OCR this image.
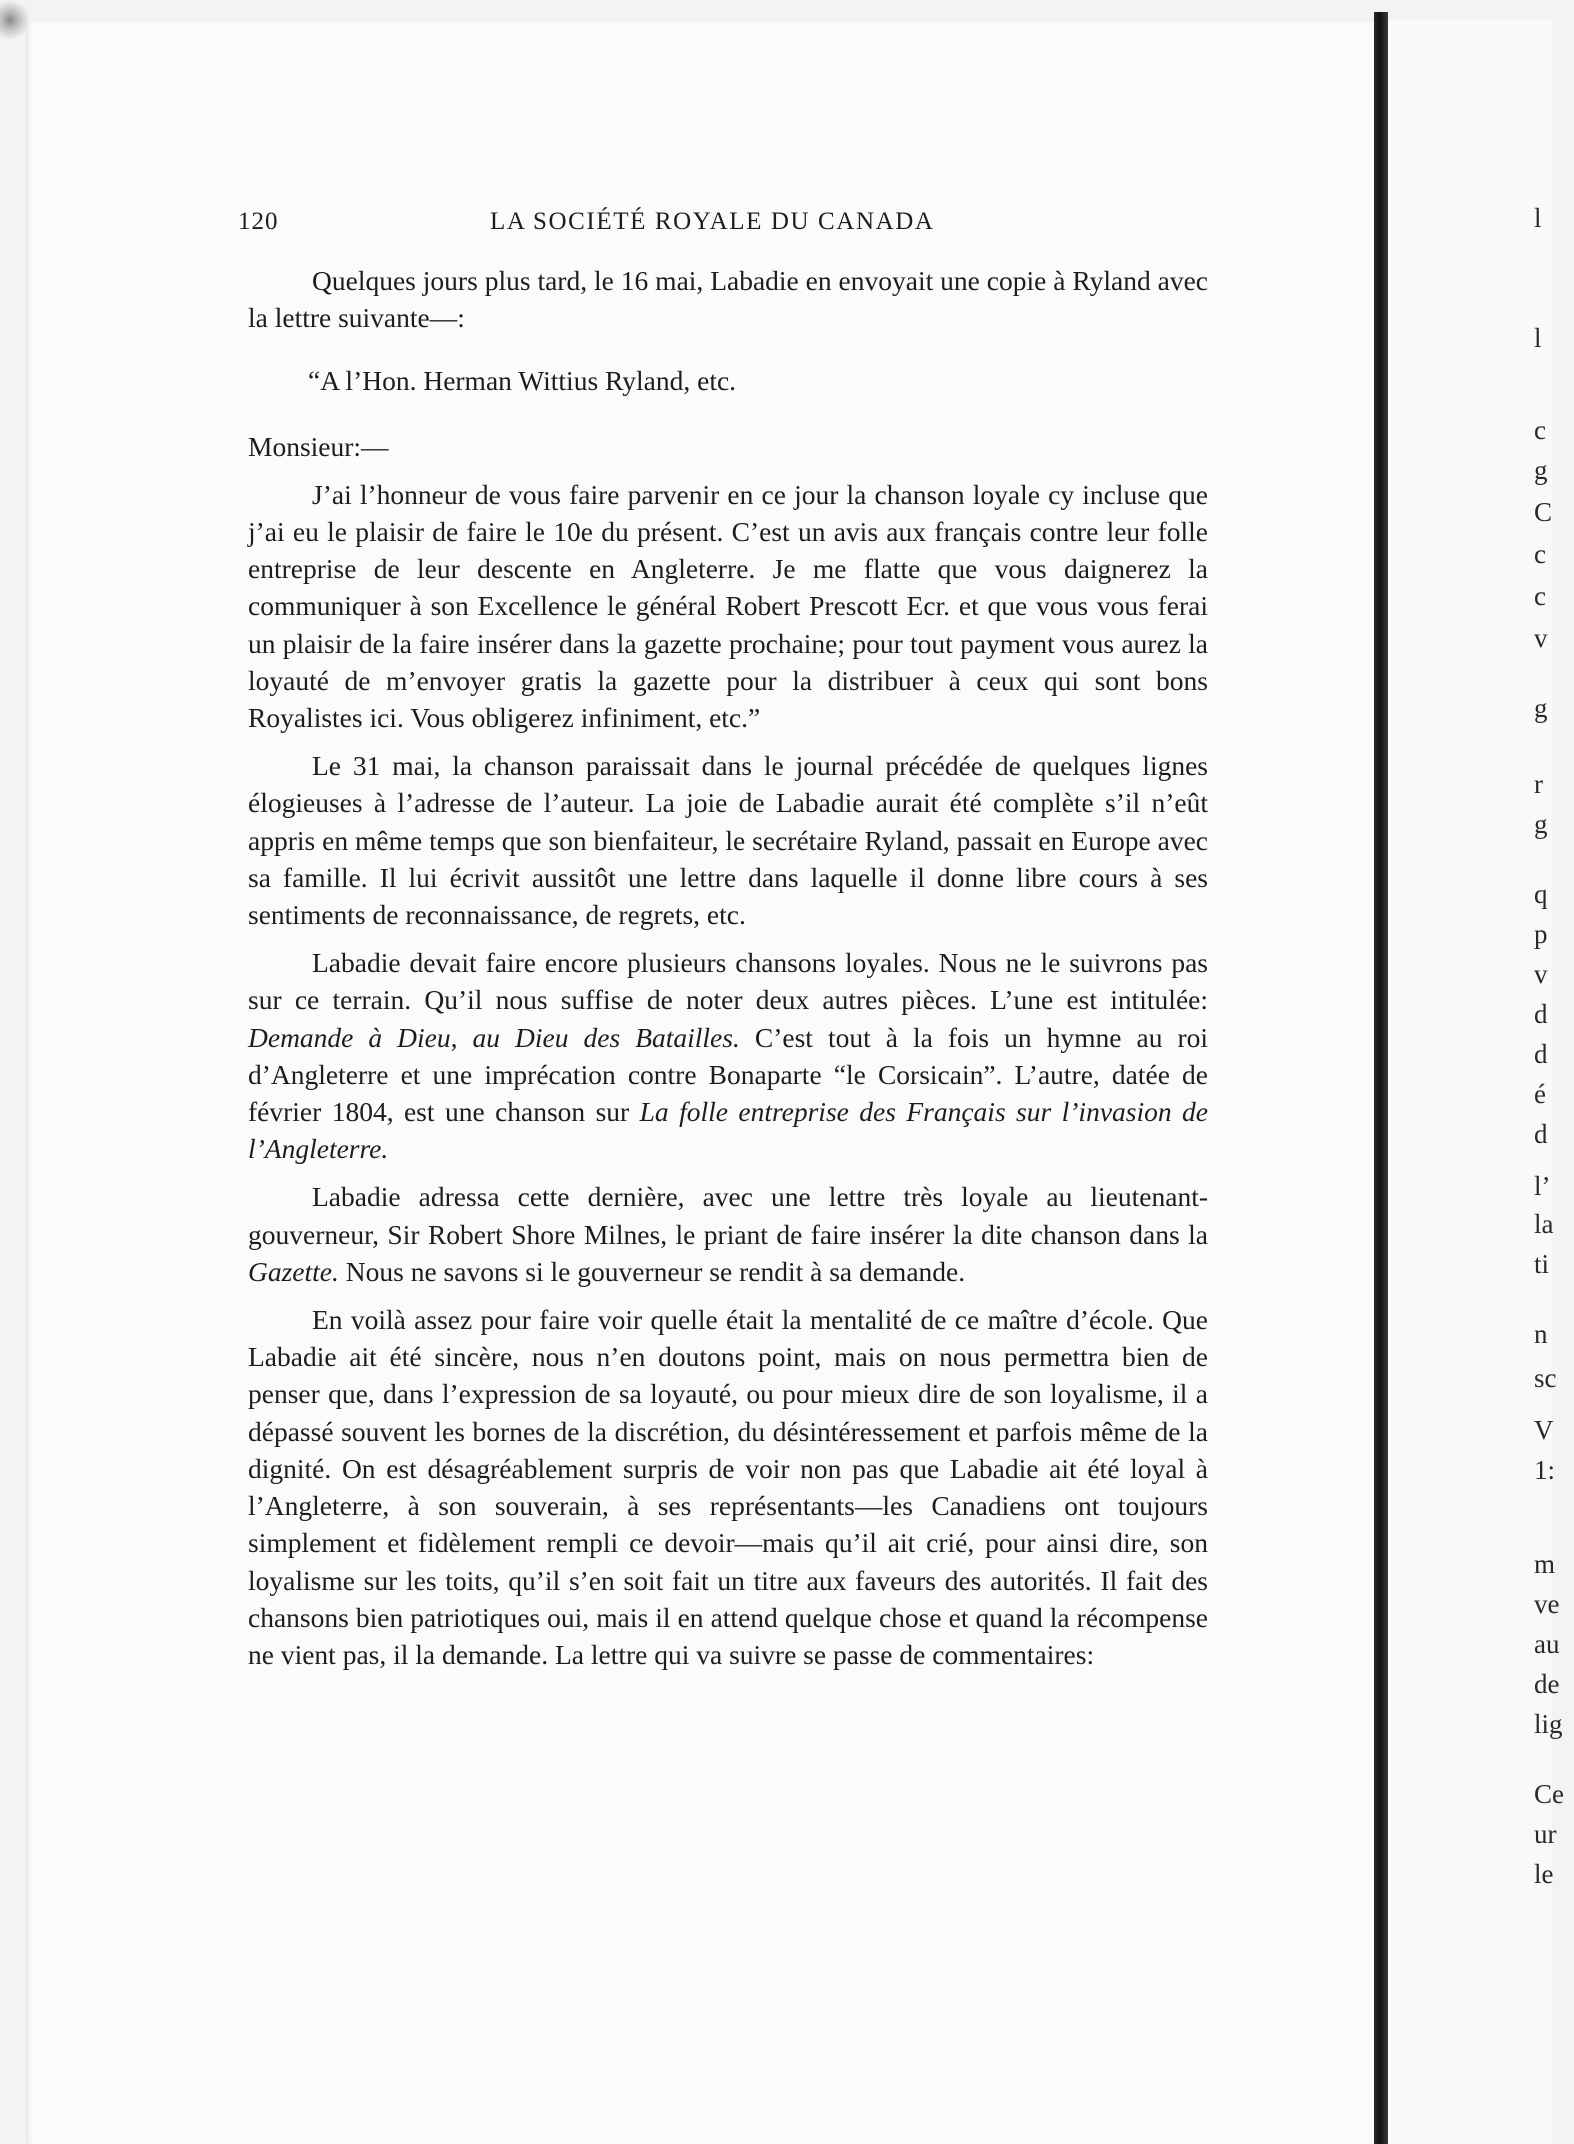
120	LA SOCIÉTÉ ROYALE DU CANADA

Quelques jours plus tard, le 16 mai, Labadie en envoyait une copie à Ryland avec la lettre suivante—:

“A l’Hon. Herman Wittius Ryland, etc.

Monsieur:—

J’ai l’honneur de vous faire parvenir en ce jour la chanson loyale cy incluse que j’ai eu le plaisir de faire le 10e du présent. C’est un avis aux français contre leur folle entreprise de leur descente en Angleterre. Je me flatte que vous daignerez la communiquer à son Excellence le général Robert Prescott Ecr. et que vous vous ferai un plaisir de la faire insérer dans la gazette prochaine; pour tout payment vous aurez la loyauté de m’envoyer gratis la gazette pour la distribuer à ceux qui sont bons Royalistes ici. Vous obligerez infiniment, etc.”

Le 31 mai, la chanson paraissait dans le journal précédée de quelques lignes élogieuses à l’adresse de l’auteur. La joie de Labadie aurait été complète s’il n’eût appris en même temps que son bienfaiteur, le secrétaire Ryland, passait en Europe avec sa famille. Il lui écrivit aussitôt une lettre dans laquelle il donne libre cours à ses sentiments de reconnaissance, de regrets, etc.

Labadie devait faire encore plusieurs chansons loyales. Nous ne le suivrons pas sur ce terrain. Qu’il nous suffise de noter deux autres pièces. L’une est intitulée: Demande à Dieu, au Dieu des Batailles. C’est tout à la fois un hymne au roi d’Angleterre et une imprécation contre Bonaparte “le Corsicain”. L’autre, datée de février 1804, est une chanson sur La folle entreprise des Français sur l’invasion de l’Angleterre.

Labadie adressa cette dernière, avec une lettre très loyale au lieutenant-gouverneur, Sir Robert Shore Milnes, le priant de faire insérer la dite chanson dans la Gazette. Nous ne savons si le gouverneur se rendit à sa demande.

En voilà assez pour faire voir quelle était la mentalité de ce maître d’école. Que Labadie ait été sincère, nous n’en doutons point, mais on nous permettra bien de penser que, dans l’expression de sa loyauté, ou pour mieux dire de son loyalisme, il a dépassé souvent les bornes de la discrétion, du désintéressement et parfois même de la dignité. On est désagréablement surpris de voir non pas que Labadie ait été loyal à l’Angleterre, à son souverain, à ses représentants—les Canadiens ont toujours simplement et fidèlement rempli ce devoir—mais qu’il ait crié, pour ainsi dire, son loyalisme sur les toits, qu’il s’en soit fait un titre aux faveurs des autorités. Il fait des chansons bien patriotiques oui, mais il en attend quelque chose et quand la récompense ne vient pas, il la demande. La lettre qui va suivre se passe de commentaires:

l
l
c
g
C
c
c
v
g
r
g
q
p
v
d
d
é
d
l’
la
ti
n
sc
V
1:
m
ve
au
de
lig
Ce
ur
le
